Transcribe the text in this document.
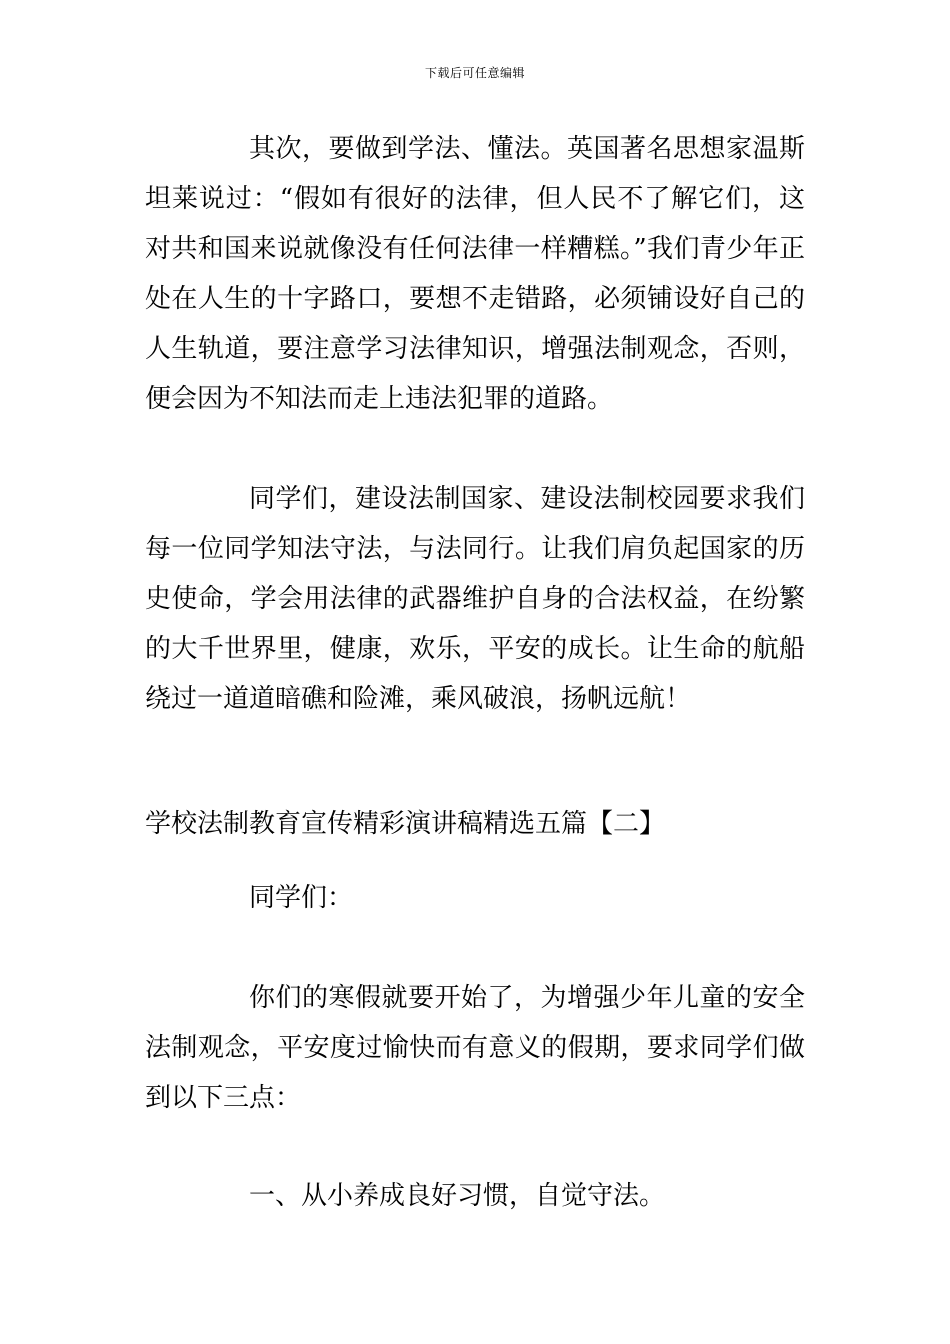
下载后可任意编辑

其次，要做到学法、懂法。英国著名思想家温斯坦莱说过：“假如有很好的法律，但人民不了解它们，这对共和国来说就像没有任何法律一样糟糕。”我们青少年正处在人生的十字路口，要想不走错路，必须铺设好自己的人生轨道，要注意学习法律知识，增强法制观念，否则，便会因为不知法而走上违法犯罪的道路。

同学们，建设法制国家、建设法制校园要求我们每一位同学知法守法，与法同行。让我们肩负起国家的历史使命，学会用法律的武器维护自身的合法权益，在纷繁的大千世界里，健康，欢乐，平安的成长。让生命的航船绕过一道道暗礁和险滩，乘风破浪，扬帆远航！

学校法制教育宣传精彩演讲稿精选五篇【二】

同学们：

你们的寒假就要开始了，为增强少年儿童的安全法制观念，平安度过愉快而有意义的假期，要求同学们做到以下三点：

一、从小养成良好习惯，自觉守法。
